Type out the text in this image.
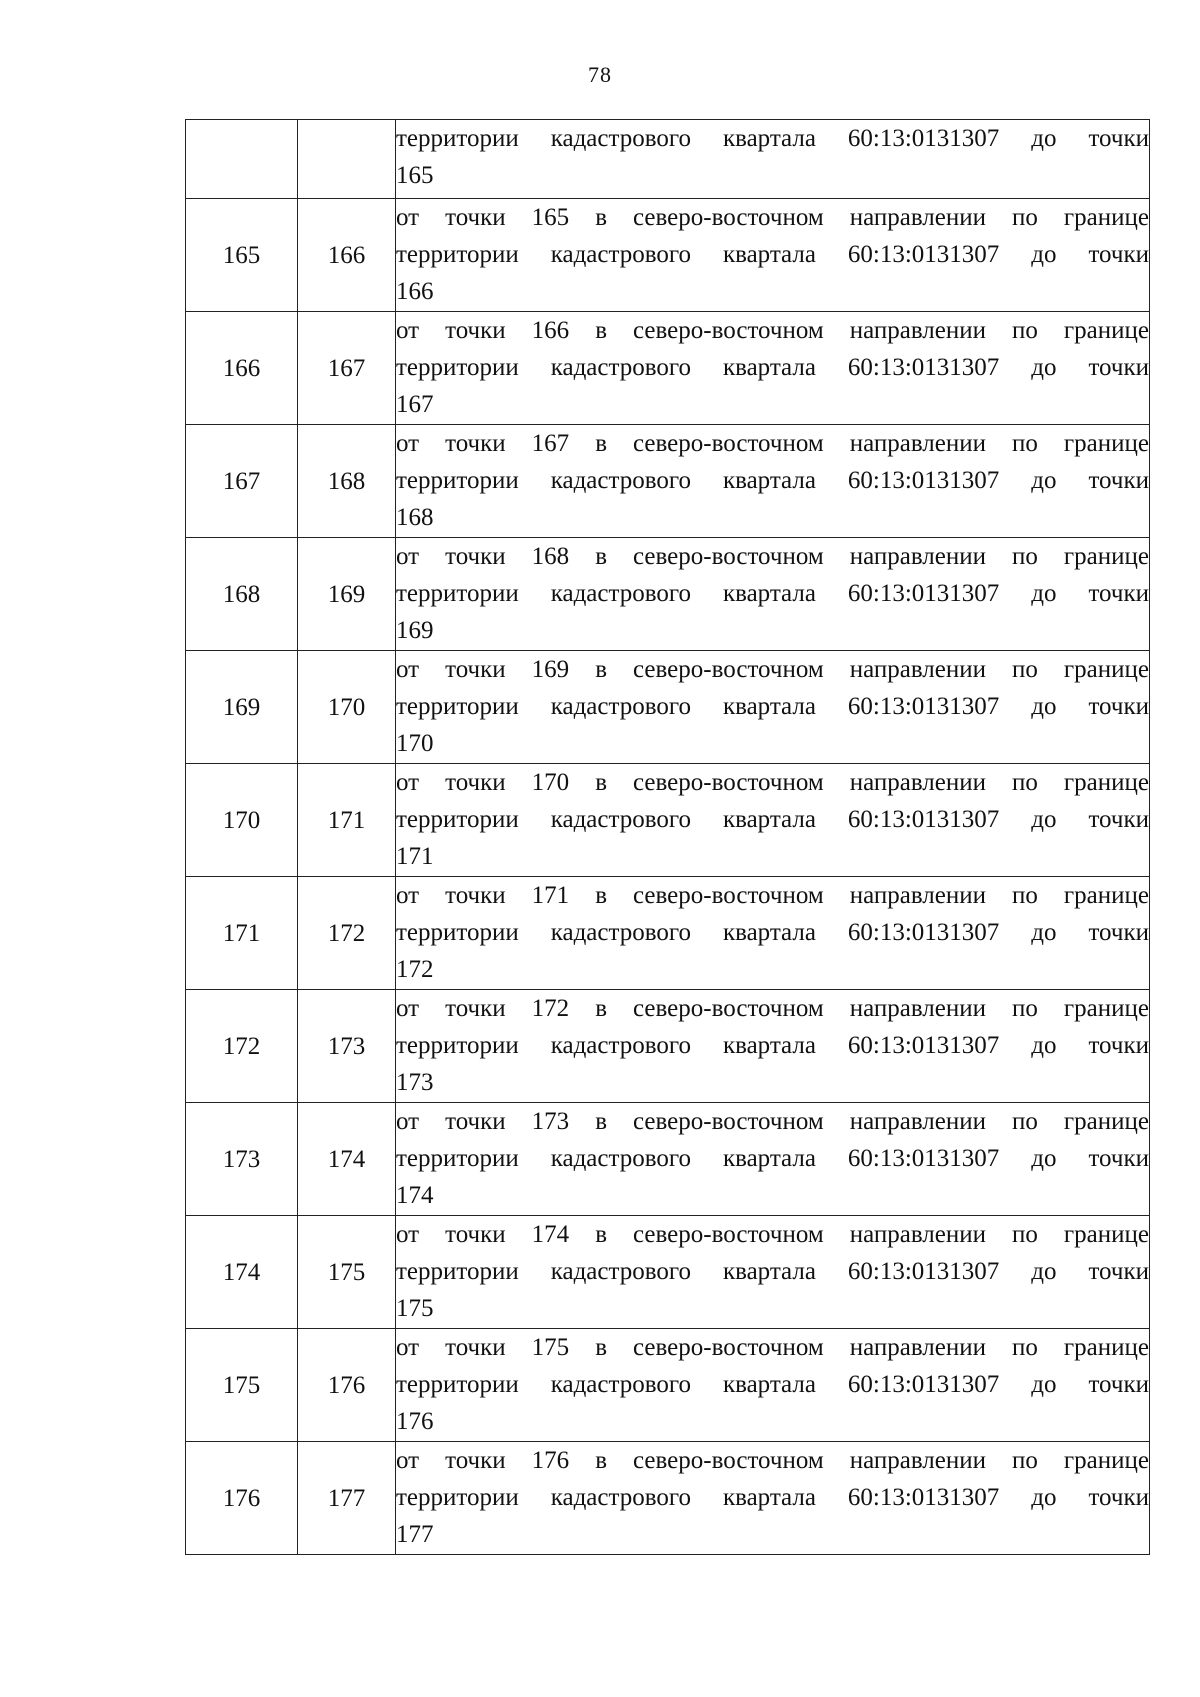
78

		территории кадастрового квартала 60:13:0131307 до точки
165

165	166	от точки 165 в северо-восточном направлении по границе
территории кадастрового квартала 60:13:0131307 до точки
166

166	167	от точки 166 в северо-восточном направлении по границе
территории кадастрового квартала 60:13:0131307 до точки
167

167	168	от точки 167 в северо-восточном направлении по границе
территории кадастрового квартала 60:13:0131307 до точки
168

168	169	от точки 168 в северо-восточном направлении по границе
территории кадастрового квартала 60:13:0131307 до точки
169

169	170	от точки 169 в северо-восточном направлении по границе
территории кадастрового квартала 60:13:0131307 до точки
170

170	171	от точки 170 в северо-восточном направлении по границе
территории кадастрового квартала 60:13:0131307 до точки
171

171	172	от точки 171 в северо-восточном направлении по границе
территории кадастрового квартала 60:13:0131307 до точки
172

172	173	от точки 172 в северо-восточном направлении по границе
территории кадастрового квартала 60:13:0131307 до точки
173

173	174	от точки 173 в северо-восточном направлении по границе
территории кадастрового квартала 60:13:0131307 до точки
174

174	175	от точки 174 в северо-восточном направлении по границе
территории кадастрового квартала 60:13:0131307 до точки
175

175	176	от точки 175 в северо-восточном направлении по границе
территории кадастрового квартала 60:13:0131307 до точки
176

176	177	от точки 176 в северо-восточном направлении по границе
территории кадастрового квартала 60:13:0131307 до точки
177
